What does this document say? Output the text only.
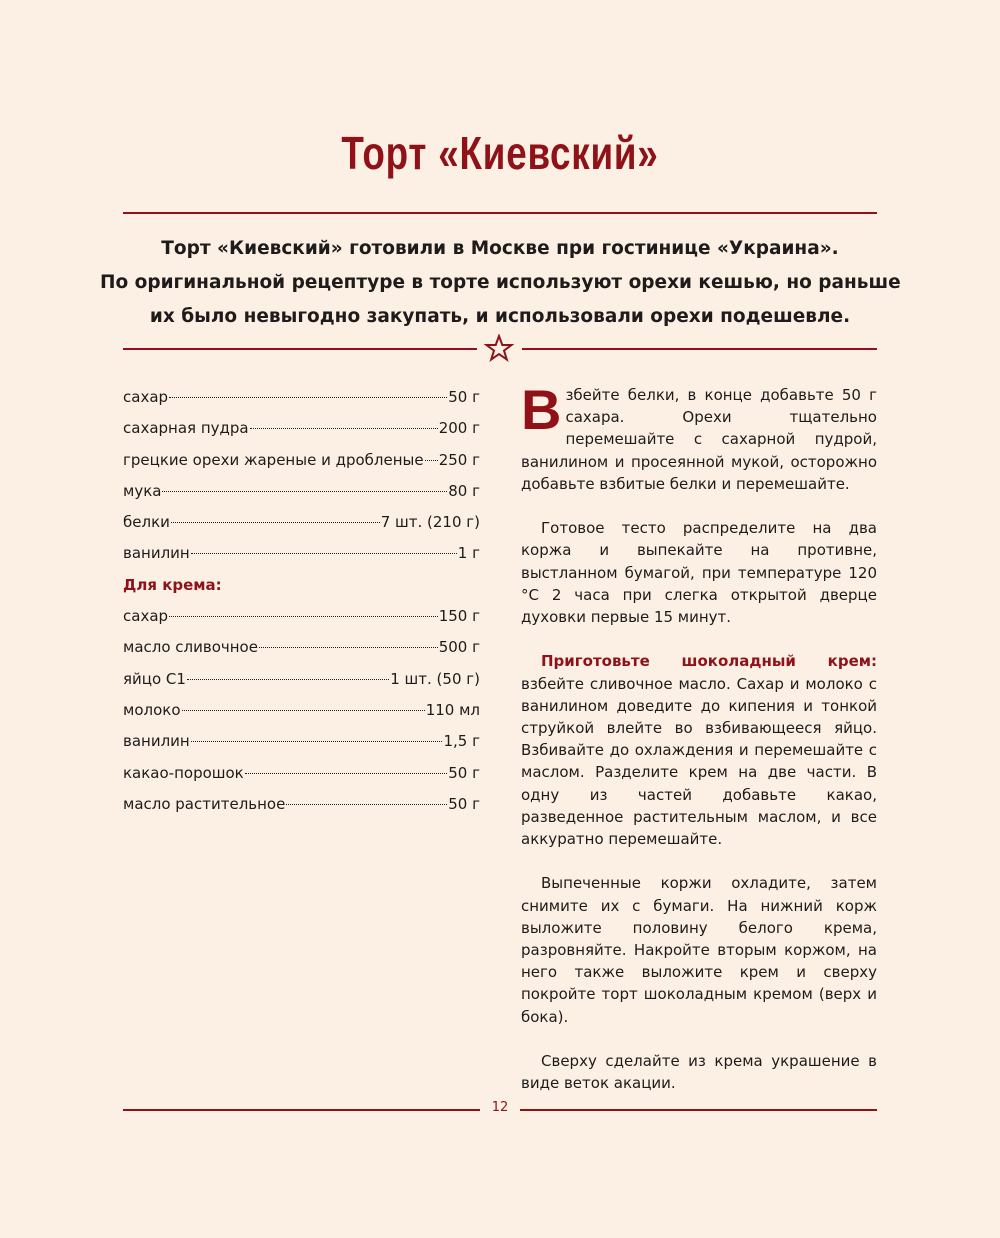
Торт «Киевский»
Торт «Киевский» готовили в Москве при гостинице «Украина».
По оригинальной рецептуре в торте используют орехи кешью, но раньше
их было невыгодно закупать, и использовали орехи подешевле.
сахар	50 г
сахарная пудра	200 г
грецкие орехи жареные и дробленые 250 г
мука	80 г
белки	7 шт. (210 г)
ванилин	1 г
Для крема:
сахар	150 г
масло сливочное	500 г
яйцо С1	1 шт. (50 г)
молоко	110 мл
ванилин	1,5 г
какао-порошок	50 г
масло растительное	50 г

Взбейте белки, в конце добавьте 50 г сахара. Орехи тщательно перемешайте с сахарной пудрой, ванилином и просеянной мукой, осторожно добавьте взбитые белки и перемешайте.

Готовое тесто распределите на два коржа и выпекайте на противне, выстланном бумагой, при температуре 120 °С 2 часа при слегка открытой дверце духовки первые 15 минут.

Приготовьте шоколадный крем: взбейте сливочное масло. Сахар и молоко с ванилином доведите до кипения и тонкой струйкой влейте во взбивающееся яйцо. Взбивайте до охлаждения и перемешайте с маслом. Разделите крем на две части. В одну из частей добавьте какао, разведенное растительным маслом, и все аккуратно перемешайте.

Выпеченные коржи охладите, затем снимите их с бумаги. На нижний корж выложите половину белого крема, разровняйте. Накройте вторым коржом, на него также выложите крем и сверху покройте торт шоколадным кремом (верх и бока).

Сверху сделайте из крема украшение в виде веток акации.

12
